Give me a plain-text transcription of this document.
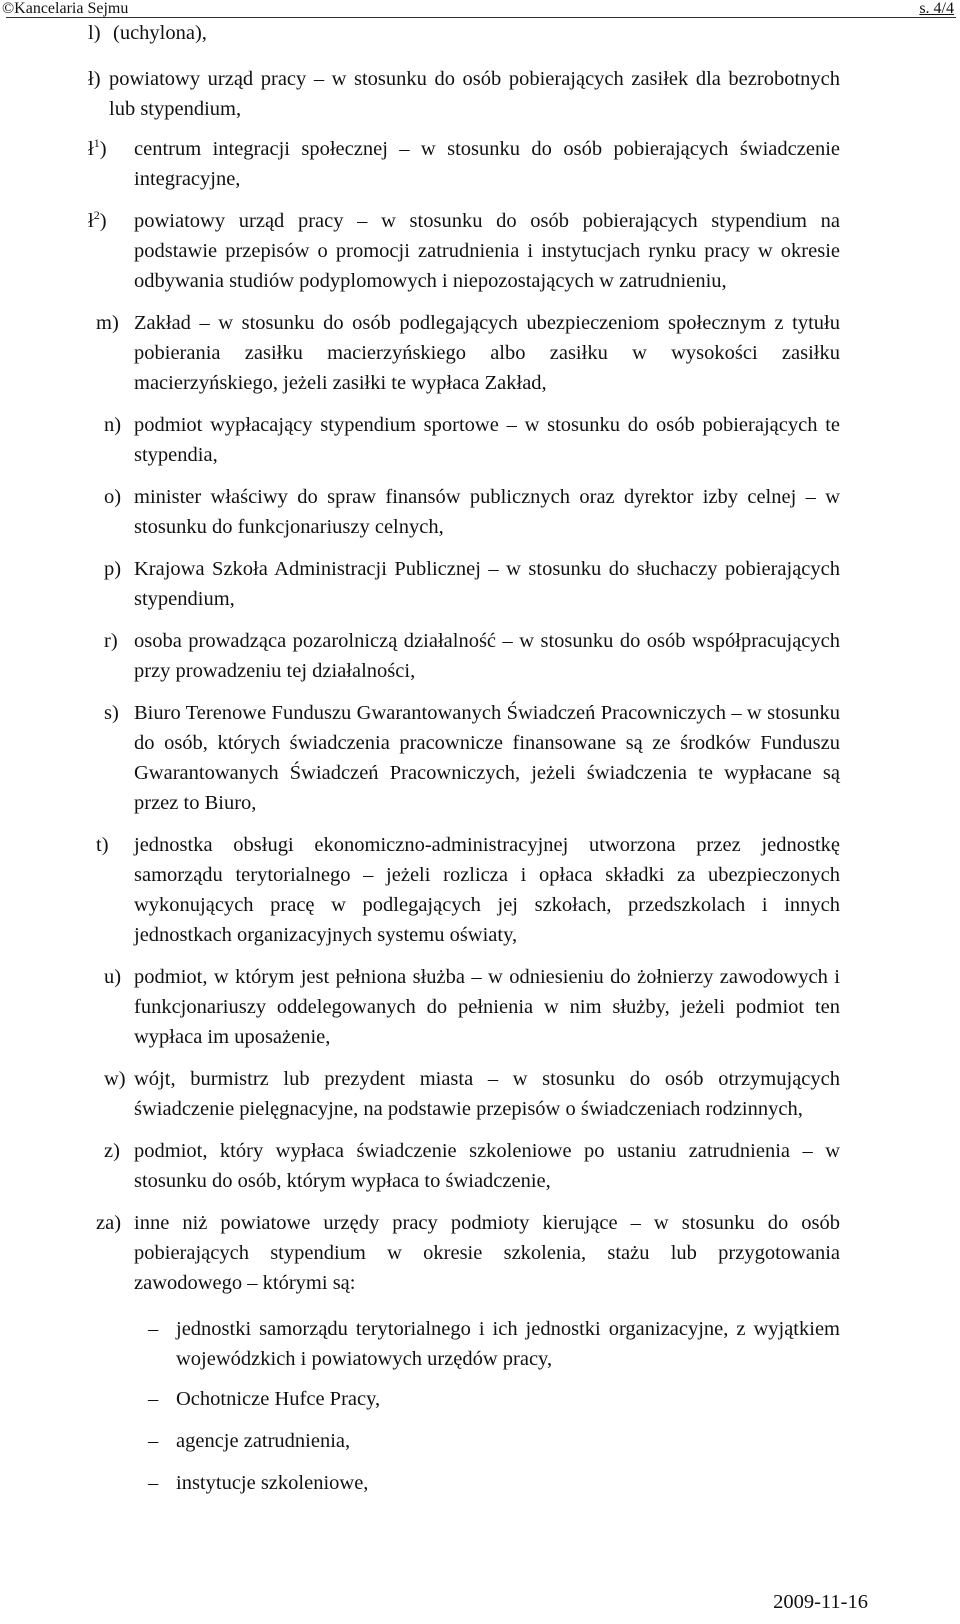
©Kancelaria Sejmu	s. 4/4
l) (uchylona),
ł) powiatowy urząd pracy – w stosunku do osób pobierających zasiłek dla bezrobotnych lub stypendium,
$ł^1$) centrum integracji społecznej – w stosunku do osób pobierających świadczenie integracyjne,
$ł^2$) powiatowy urząd pracy – w stosunku do osób pobierających stypendium na podstawie przepisów o promocji zatrudnienia i instytucjach rynku pracy w okresie odbywania studiów podyplomowych i niepozostających w zatrudnieniu,
m) Zakład – w stosunku do osób podlegających ubezpieczeniom społecznym z tytułu pobierania zasiłku macierzyńskiego albo zasiłku w wysokości zasiłku macierzyńskiego, jeżeli zasiłki te wypłaca Zakład,
n) podmiot wypłacający stypendium sportowe – w stosunku do osób pobierających te stypendia,
o) minister właściwy do spraw finansów publicznych oraz dyrektor izby celnej – w stosunku do funkcjonariuszy celnych,
p) Krajowa Szkoła Administracji Publicznej – w stosunku do słuchaczy pobierających stypendium,
r) osoba prowadząca pozarolniczą działalność – w stosunku do osób współpracujących przy prowadzeniu tej działalności,
s) Biuro Terenowe Funduszu Gwarantowanych Świadczeń Pracowniczych – w stosunku do osób, których świadczenia pracownicze finansowane są ze środków Funduszu Gwarantowanych Świadczeń Pracowniczych, jeżeli świadczenia te wypłacane są przez to Biuro,
t) jednostka obsługi ekonomiczno-administracyjnej utworzona przez jednostkę samorządu terytorialnego – jeżeli rozlicza i opłaca składki za ubezpieczonych wykonujących pracę w podlegających jej szkołach, przedszkolach i innych jednostkach organizacyjnych systemu oświaty,
u) podmiot, w którym jest pełniona służba – w odniesieniu do żołnierzy zawodowych i funkcjonariuszy oddelegowanych do pełnienia w nim służby, jeżeli podmiot ten wypłaca im uposażenie,
w) wójt, burmistrz lub prezydent miasta – w stosunku do osób otrzymujących świadczenie pielęgnacyjne, na podstawie przepisów o świadczeniach rodzinnych,
z) podmiot, który wypłaca świadczenie szkoleniowe po ustaniu zatrudnienia – w stosunku do osób, którym wypłaca to świadczenie,
za) inne niż powiatowe urzędy pracy podmioty kierujące – w stosunku do osób pobierających stypendium w okresie szkolenia, stażu lub przygotowania zawodowego – którymi są:
– jednostki samorządu terytorialnego i ich jednostki organizacyjne, z wyjątkiem wojewódzkich i powiatowych urzędów pracy,
– Ochotnicze Hufce Pracy,
– agencje zatrudnienia,
– instytucje szkoleniowe,
2009-11-16
